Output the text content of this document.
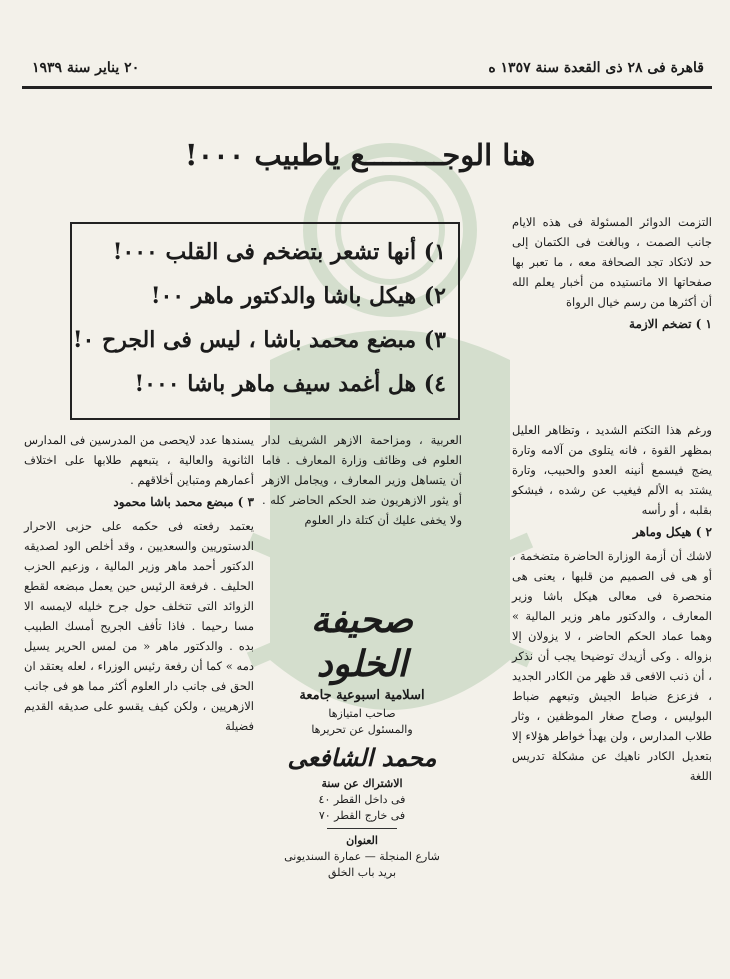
قاهرة فى ٢٨ ذى القعدة سنة ١٣٥٧ ه
٢٠ يناير سنة ١٩٣٩
هنا الوجـــــــــع ياطبيب ٠٠٠!

التزمت الدوائر المسئولة فى هذه الايام جانب الصمت ، وبالغت فى الكتمان إلى حد لاتكاد تجد الصحافة معه ، ما تعبر بها صفحاتها الا ماتستيده من أخبار يعلم الله أن أكثرها من رسم خيال الرواة

١ ) تضخم الازمة

١) أنها تشعر بتضخم فى القلب ٠٠٠!
٢) هيكل باشا والدكتور ماهر ٠٠!
٣) مبضع محمد باشا ، ليس فى الجرح ٠!
٤) هل أغمد سيف ماهر باشا ٠٠٠!

ورغم هذا التكتم الشديد ، وتظاهر العليل بمظهر القوة ، فانه يتلوى من آلامه وتارة يضج فيسمع أنينه العدو والحبيب، وتارة يشتد به الألم فيغيب عن رشده ، فيشكو بقلبه ، أو رأسه

٢ ) هيكل وماهر

لاشك أن أزمة الوزارة الحاضرة متضخمة ، أو هى فى الصميم من قلبها ، يعنى هى منحصرة فى معالى هيكل باشا وزير المعارف ، والدكتور ماهر وزير المالية » وهما عماد الحكم الحاضر ، لا يزولان إلا بزواله . وكى أزيدك توضيحا يجب أن نذكر ، أن ذنب الافعى قد ظهر من الكادر الجديد ، فزعزع ضباط الجيش وتبعهم ضباط البوليس ، وصاح صغار الموظفين ، وثار طلاب المدارس ، ولن يهدأ خواطر هؤلاء إلا بتعديل الكادر ناهيك عن مشكلة تدريس اللغة

العربية ، ومزاحمة الازهر الشريف لدار العلوم فى وظائف وزارة المعارف . فاما أن يتساهل وزير المعارف ، ويجامل الازهر أو يثور الازهريون ضد الحكم الحاضر كله . ولا يخفى عليك أن كتلة دار العلوم

صحيفة الخلود
اسلامية اسبوعية جامعة
صاحب امتيازها
والمسئول عن تحريرها
محمد الشافعى
الاشتراك عن سنة
فى داخل القطر ٤٠
فى خارج القطر ٧٠
العنوان
شارع المنجلة — عمارة السنديونى
بريد باب الخلق

يسندها عدد لايحصى من المدرسين فى المدارس الثانوية والعالية ، يتبعهم طلابها على اختلاف أعمارهم ومتباين أخلاقهم .

٣ ) مبضع محمد باشا محمود

يعتمد رفعته فى حكمه على حزبى الاحرار الدستوريين والسعديين ، وقد أخلص الود لصديقه الدكتور أحمد ماهر وزير المالية ، وزعيم الحزب الحليف . فرفعة الرئيس حين يعمل مبضعه لقطع الزوائد التى تتخلف حول جرح خليله لايمسه الا مسا رحيما . فاذا تأفف الجريح أمسك الطبيب بده . والدكتور ماهر « من لمس الحرير يسيل دمه » كما أن رفعة رئيس الوزراء ، لعله يعتقد ان الحق فى جانب دار العلوم أكثر مما هو فى جانب الازهريين ، ولكن كيف يقسو على صديقه القديم فضيلة
